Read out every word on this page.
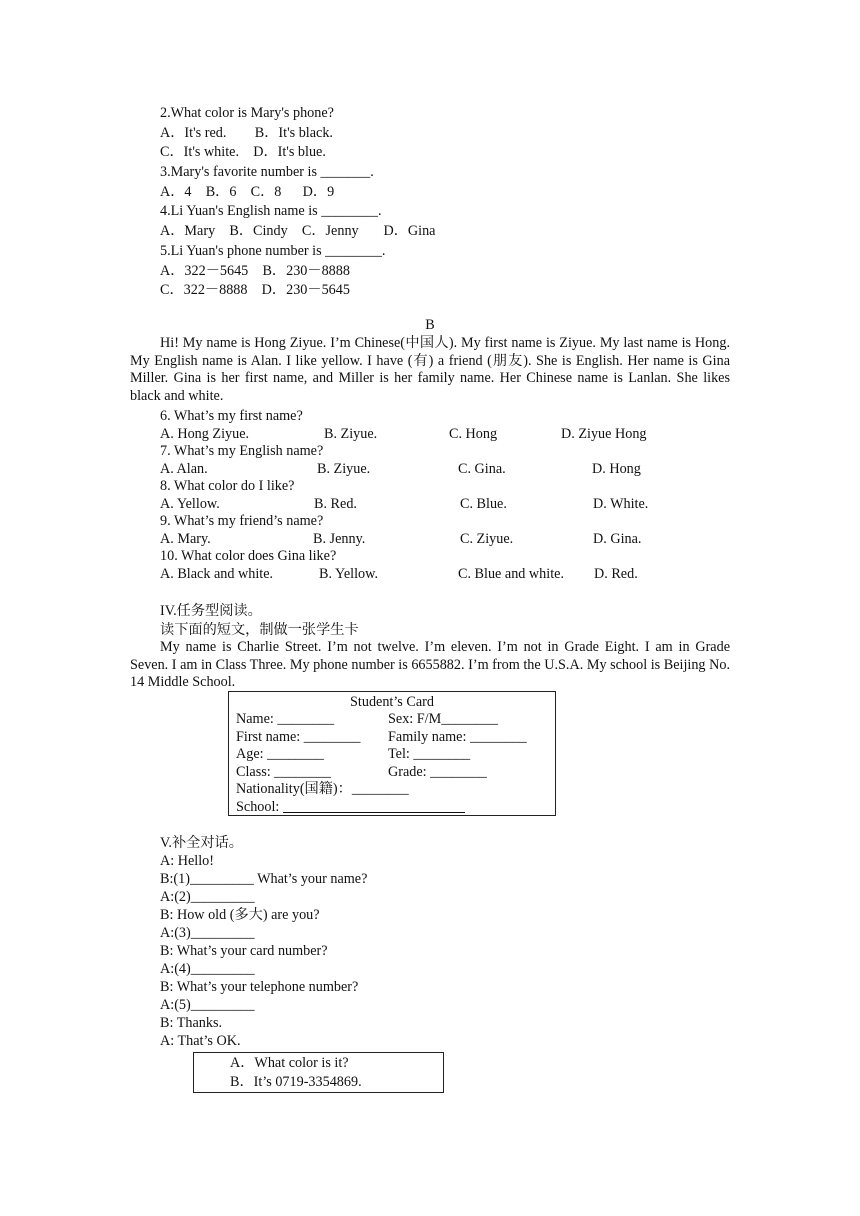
2.What color is Mary's phone?
A．It's red.        B．It's black.
C．It's white.    D．It's blue.
3.Mary's favorite number is _______.
A．4    B．6    C．8      D．9
4.Li Yuan's English name is ________.
A．Mary    B．Cindy    C．Jenny       D．Gina
5.Li Yuan's phone number is ________.
A．322－5645    B．230－8888
C．322－8888    D．230－5645
B
Hi! My name is Hong Ziyue. I’m Chinese(中国人). My first name is Ziyue. My last name is Hong. My English name is Alan. I like yellow. I have (有) a friend (朋友). She is English. Her name is Gina Miller. Gina is her first name, and Miller is her family name. Her Chinese name is Lanlan. She likes black and white.
6. What’s my first name?
A. Hong Ziyue.	B. Ziyue.	C. Hong	D. Ziyue Hong
7. What’s my English name?
A. Alan.	B. Ziyue.	C. Gina.	D. Hong
8. What color do I like?
A. Yellow.	B. Red.	C. Blue.	D. White.
9. What’s my friend’s name?
A. Mary.	B. Jenny.	C. Ziyue.	D. Gina.
10. What color does Gina like?
A. Black and white.	B. Yellow.	C. Blue and white. D. Red.
IV.任务型阅读。
读下面的短文，制做一张学生卡
My name is Charlie Street. I’m not twelve. I’m eleven. I’m not in Grade Eight. I am in Grade Seven. I am in Class Three. My phone number is 6655882. I’m from the U.S.A. My school is Beijing No. 14 Middle School.
Student’s Card
Name: ________	Sex: F/M________
First name: ________ Family name: ________
Age: ________	Tel: ________
Class: ________	Grade: ________
Nationality(国籍)：________
School:
V.补全对话。
A: Hello!
B:(1)_________ What’s your name?
A:(2)_________
B: How old (多大) are you?
A:(3)_________
B: What’s your card number?
A:(4)_________
B: What’s your telephone number?
A:(5)_________
B: Thanks.
A: That’s OK.
A．What color is it?
B．It’s 0719-3354869.
